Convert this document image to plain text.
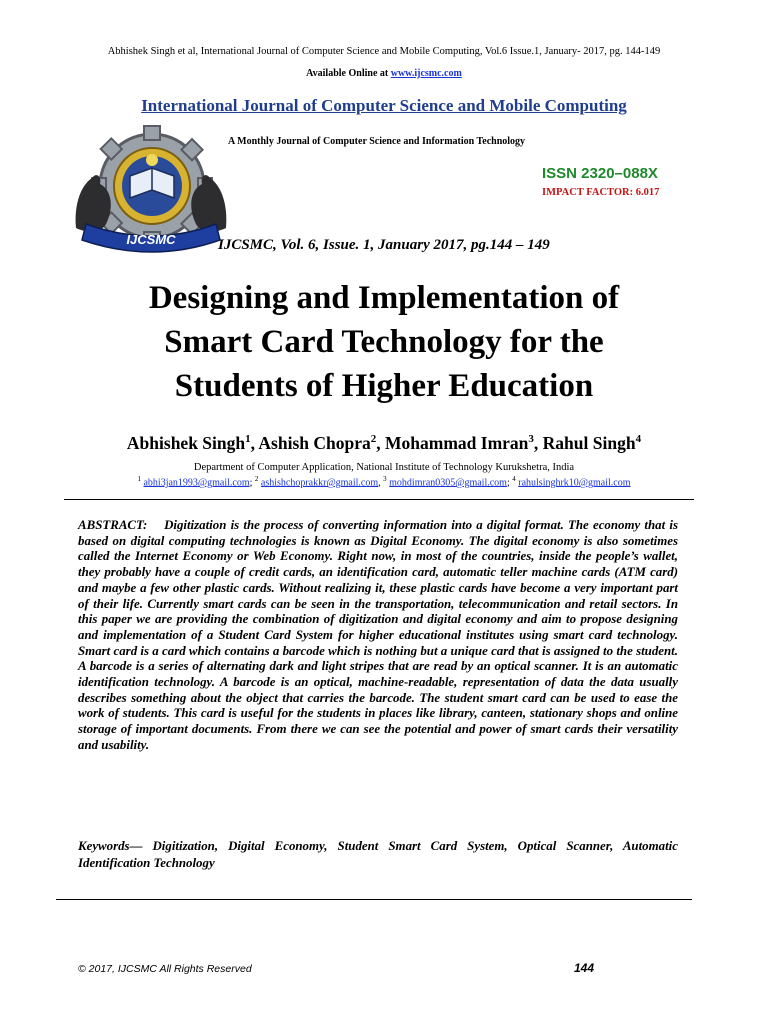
Abhishek Singh et al, International Journal of Computer Science and Mobile Computing, Vol.6 Issue.1, January- 2017, pg. 144-149
Available Online at www.ijcsmc.com
International Journal of Computer Science and Mobile Computing
A Monthly Journal of Computer Science and Information Technology
IJCSMC
ISSN 2320–088X
IMPACT FACTOR: 6.017
IJCSMC, Vol. 6, Issue. 1, January 2017, pg.144 – 149
Designing and Implementation of
Smart Card Technology for the
Students of Higher Education
Abhishek Singh$^1$, Ashish Chopra$^2$, Mohammad Imran$^3$, Rahul Singh$^4$
Department of Computer Application, National Institute of Technology Kurukshetra, India
$^1$ abhi3jan1993@gmail.com; $^2$ ashishchoprakkr@gmail.com, $^3$ mohdimran0305@gmail.com; $^4$ rahulsinghrk10@gmail.com
ABSTRACT: Digitization is the process of converting information into a digital format. The economy that is based on digital computing technologies is known as Digital Economy. The digital economy is also sometimes called the Internet Economy or Web Economy. Right now, in most of the countries, inside the people’s wallet, they probably have a couple of credit cards, an identification card, automatic teller machine cards (ATM card) and maybe a few other plastic cards. Without realizing it, these plastic cards have become a very important part of their life. Currently smart cards can be seen in the transportation, telecommunication and retail sectors. In this paper we are providing the combination of digitization and digital economy and aim to propose designing and implementation of a Student Card System for higher educational institutes using smart card technology. Smart card is a card which contains a barcode which is nothing but a unique card that is assigned to the student. A barcode is a series of alternating dark and light stripes that are read by an optical scanner. It is an automatic identification technology. A barcode is an optical, machine-readable, representation of data the data usually describes something about the object that carries the barcode. The student smart card can be used to ease the work of students. This card is useful for the students in places like library, canteen, stationary shops and online storage of important documents. From there we can see the potential and power of smart cards their versatility and usability.
Keywords— Digitization, Digital Economy, Student Smart Card System, Optical Scanner, Automatic Identification Technology
© 2017, IJCSMC All Rights Reserved	144
